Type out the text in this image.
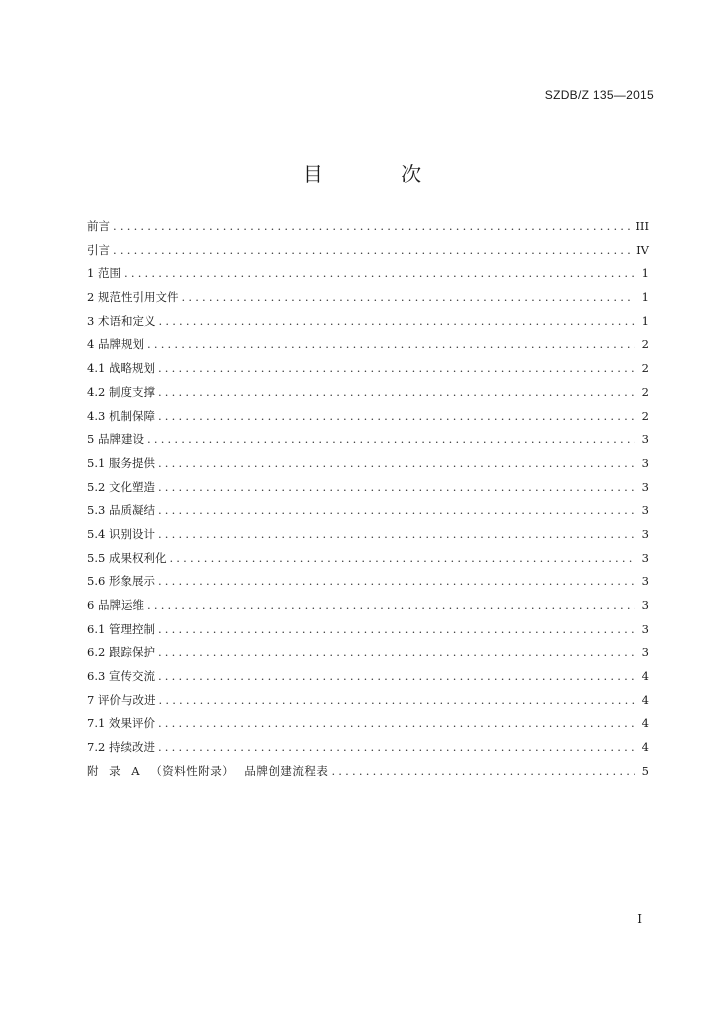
SZDB/Z 135—2015
目 次
前言 .....	III
引言 .....	IV
1 范围 .....	1
2 规范性引用文件 .....	1
3 术语和定义 .....	1
4 品牌规划 .....	2
4.1 战略规划 .....	2
4.2 制度支撑 .....	2
4.3 机制保障 .....	2
5 品牌建设 .....	3
5.1 服务提供 .....	3
5.2 文化塑造 .....	3
5.3 品质凝结 .....	3
5.4 识别设计 .....	3
5.5 成果权利化 .....	3
5.6 形象展示 .....	3
6 品牌运维 .....	3
6.1 管理控制 .....	3
6.2 跟踪保护 .....	3
6.3 宣传交流 .....	4
7 评价与改进 .....	4
7.1 效果评价 .....	4
7.2 持续改进 .....	4
附 录 A （资料性附录） 品牌创建流程表 .....	5
I
